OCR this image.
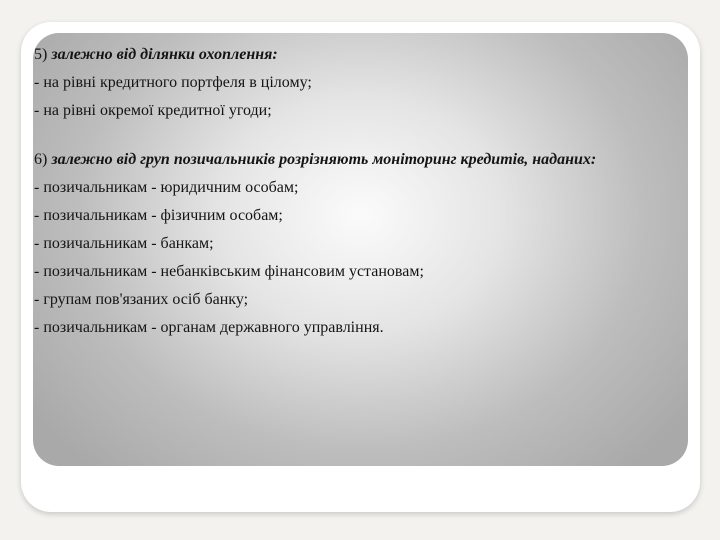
5) залежно від ділянки охоплення:
- на рівні кредитного портфеля в цілому;
- на рівні окремої кредитної угоди;
6) залежно від груп позичальників розрізняють моніторинг кредитів, наданих:
- позичальникам - юридичним особам;
- позичальникам - фізичним особам;
- позичальникам - банкам;
- позичальникам - небанківським фінансовим установам;
- групам пов'язаних осіб банку;
- позичальникам - органам державного управління.
